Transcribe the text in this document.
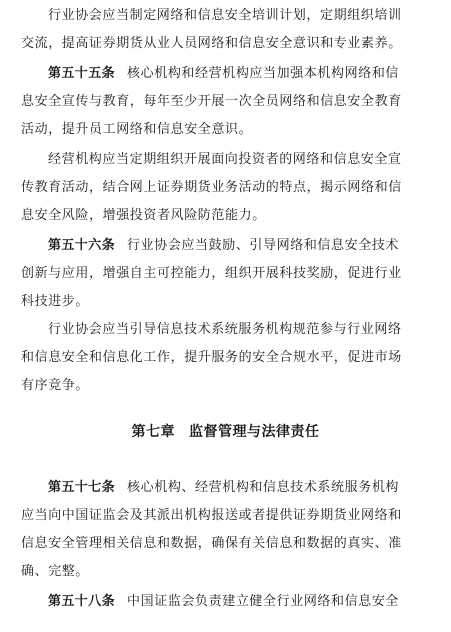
行业协会应当制定网络和信息安全培训计划，定期组织培训
交流，提高证券期货从业人员网络和信息安全意识和专业素养。
第五十五条 核心机构和经营机构应当加强本机构网络和信
息安全宣传与教育，每年至少开展一次全员网络和信息安全教育
活动，提升员工网络和信息安全意识。
经营机构应当定期组织开展面向投资者的网络和信息安全宣
传教育活动，结合网上证券期货业务活动的特点，揭示网络和信
息安全风险，增强投资者风险防范能力。
第五十六条 行业协会应当鼓励、引导网络和信息安全技术
创新与应用，增强自主可控能力，组织开展科技奖励，促进行业
科技进步。
行业协会应当引导信息技术系统服务机构规范参与行业网络
和信息安全和信息化工作，提升服务的安全合规水平，促进市场
有序竞争。
第七章 监督管理与法律责任
第五十七条 核心机构、经营机构和信息技术系统服务机构
应当向中国证监会及其派出机构报送或者提供证券期货业网络和
信息安全管理相关信息和数据，确保有关信息和数据的真实、准
确、完整。
第五十八条 中国证监会负责建立健全行业网络和信息安全
